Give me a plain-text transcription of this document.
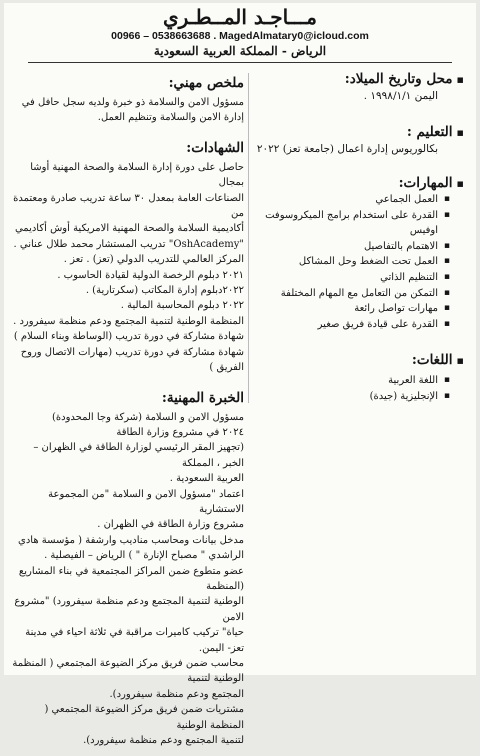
مـــاجـد المــطـري
00966 – 0538663688 . MagedAlmatary0@icloud.com
الرياض - المملكة العربية السعودية

▪محل وتاريخ الميلاد:

اليمن ١٩٩٨/١/١ .

▪التعليم :

بكالوريوس إدارة اعمال (جامعة تعز) ٢٠٢٢

▪المهارات:

▪ العمل الجماعي
▪ القدرة على استخدام برامج الميكروسوفت اوفيس
▪ الاهتمام بالتفاصيل
▪ العمل تحت الضغط وحل المشاكل
▪ التنظيم الذاتي
▪ التمكن من التعامل مع المهام المختلفة
▪ مهارات تواصل رائعة
▪ القدرة على قيادة فريق صغير

▪اللغات:

▪ اللغة العربية
▪ الإنجليزية (جيدة)

ملخص مهني:

مسؤول الامن والسلامة ذو خبرة ولديه سجل حافل في إدارة الامن والسلامة وتنظيم العمل.

الشهادات:

حاصل على دورة إدارة السلامة والصحة المهنية أوشا بمجال

الصناعات العامة بمعدل ٣٠ ساعة تدريب صادرة ومعتمدة من

أكاديمية السلامة والصحة المهنية الامريكية أوش أكاديمي

"OshAcademy" تدريب المستشار محمد طلال عناني .

المركز العالمي للتدريب الدولي (تعز) . تعز .

٢٠٢١ دبلوم الرخصة الدولية لقيادة الحاسوب .

٢٠٢٢دبلوم إدارة المكاتب (سكرتارية) .

٢٠٢٢ دبلوم المحاسبة المالية .

المنظمة الوطنية لتنمية المجتمع ودعم منظمة سيفرورد .

شهادة مشاركة في دورة تدريب (الوساطة وبناء السلام )

شهادة مشاركة في دورة تدريب (مهارات الاتصال وروح الفريق )

الخبرة المهنية:

مسؤول الامن و السلامة (شركة وجا المحدودة)

٢٠٢٤ في مشروع وزارة الطاقة

(تجهيز المقر الرئيسي لوزارة الطاقة في الظهران – الخبر ، المملكة

العربية السعودية .

اعتماد "مسؤول الامن و السلامة "من المجموعة الاستشارية

مشروع وزارة الطاقة في الظهران .

مدخل بيانات ومحاسب مناديب وارشفة ( مؤسسة هادي

الراشدي " مصباح الإنارة " ) الرياض – الفيصلية .

عضو متطوع ضمن المراكز المجتمعية في بناء المشاريع (المنظمة

الوطنية لتنمية المجتمع ودعم منظمة سيفرورد) "مشروع الامن

حياة" تركيب كاميرات مراقبة في ثلاثة احياء في مدينة تعز- اليمن.

محاسب ضمن فريق مركز الضيوعة المجتمعي ( المنظمة الوطنية لتنمية

المجتمع ودعم منظمة سيفرورد).

مشتريات ضمن فريق مركز الضيوعة المجتمعي ( المنظمة الوطنية

لتنمية المجتمع ودعم منظمة سيفرورد).
